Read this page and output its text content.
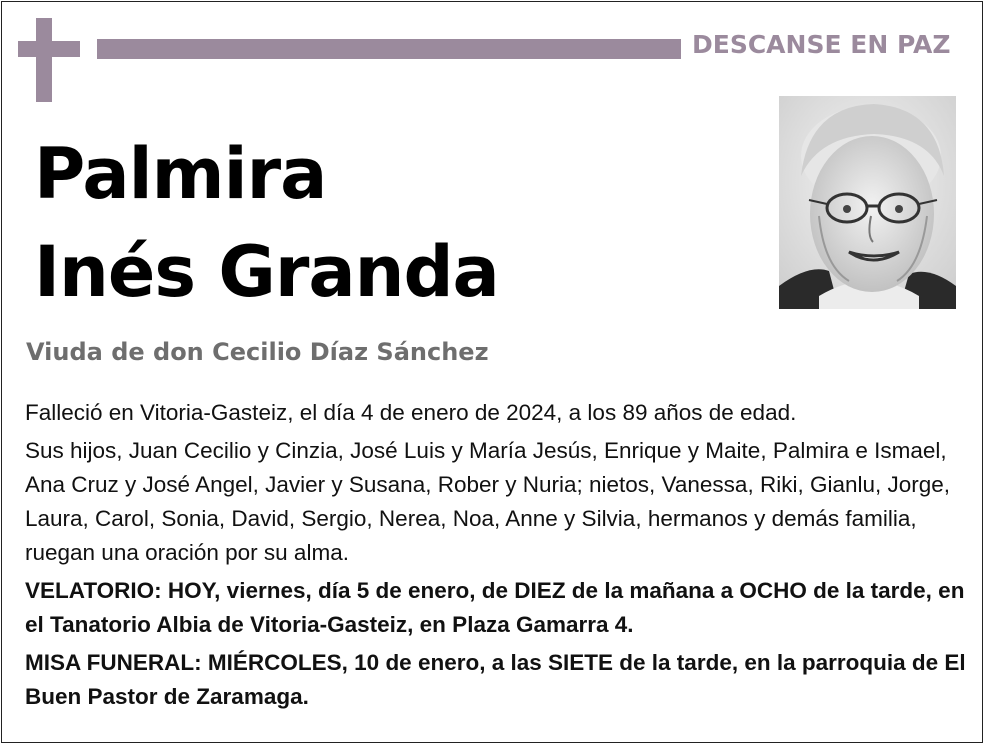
DESCANSE EN PAZ
Palmira
Inés Granda
Viuda de don Cecilio Díaz Sánchez

Falleció en Vitoria-Gasteiz, el día 4 de enero de 2024, a los 89 años de edad.

Sus hijos, Juan Cecilio y Cinzia, José Luis y María Jesús, Enrique y Maite, Palmira e Ismael, Ana Cruz y José Angel, Javier y Susana, Rober y Nuria; nietos, Vanessa, Riki, Gianlu, Jorge, Laura, Carol, Sonia, David, Sergio, Nerea, Noa, Anne y Silvia, hermanos y demás familia, ruegan una oración por su alma.

VELATORIO: HOY, viernes, día 5 de enero, de DIEZ de la mañana a OCHO de la tarde, en el Tanatorio Albia de Vitoria-Gasteiz, en Plaza Gamarra 4.

MISA FUNERAL: MIÉRCOLES, 10 de enero, a las SIETE de la tarde, en la parroquia de El Buen Pastor de Zaramaga.
